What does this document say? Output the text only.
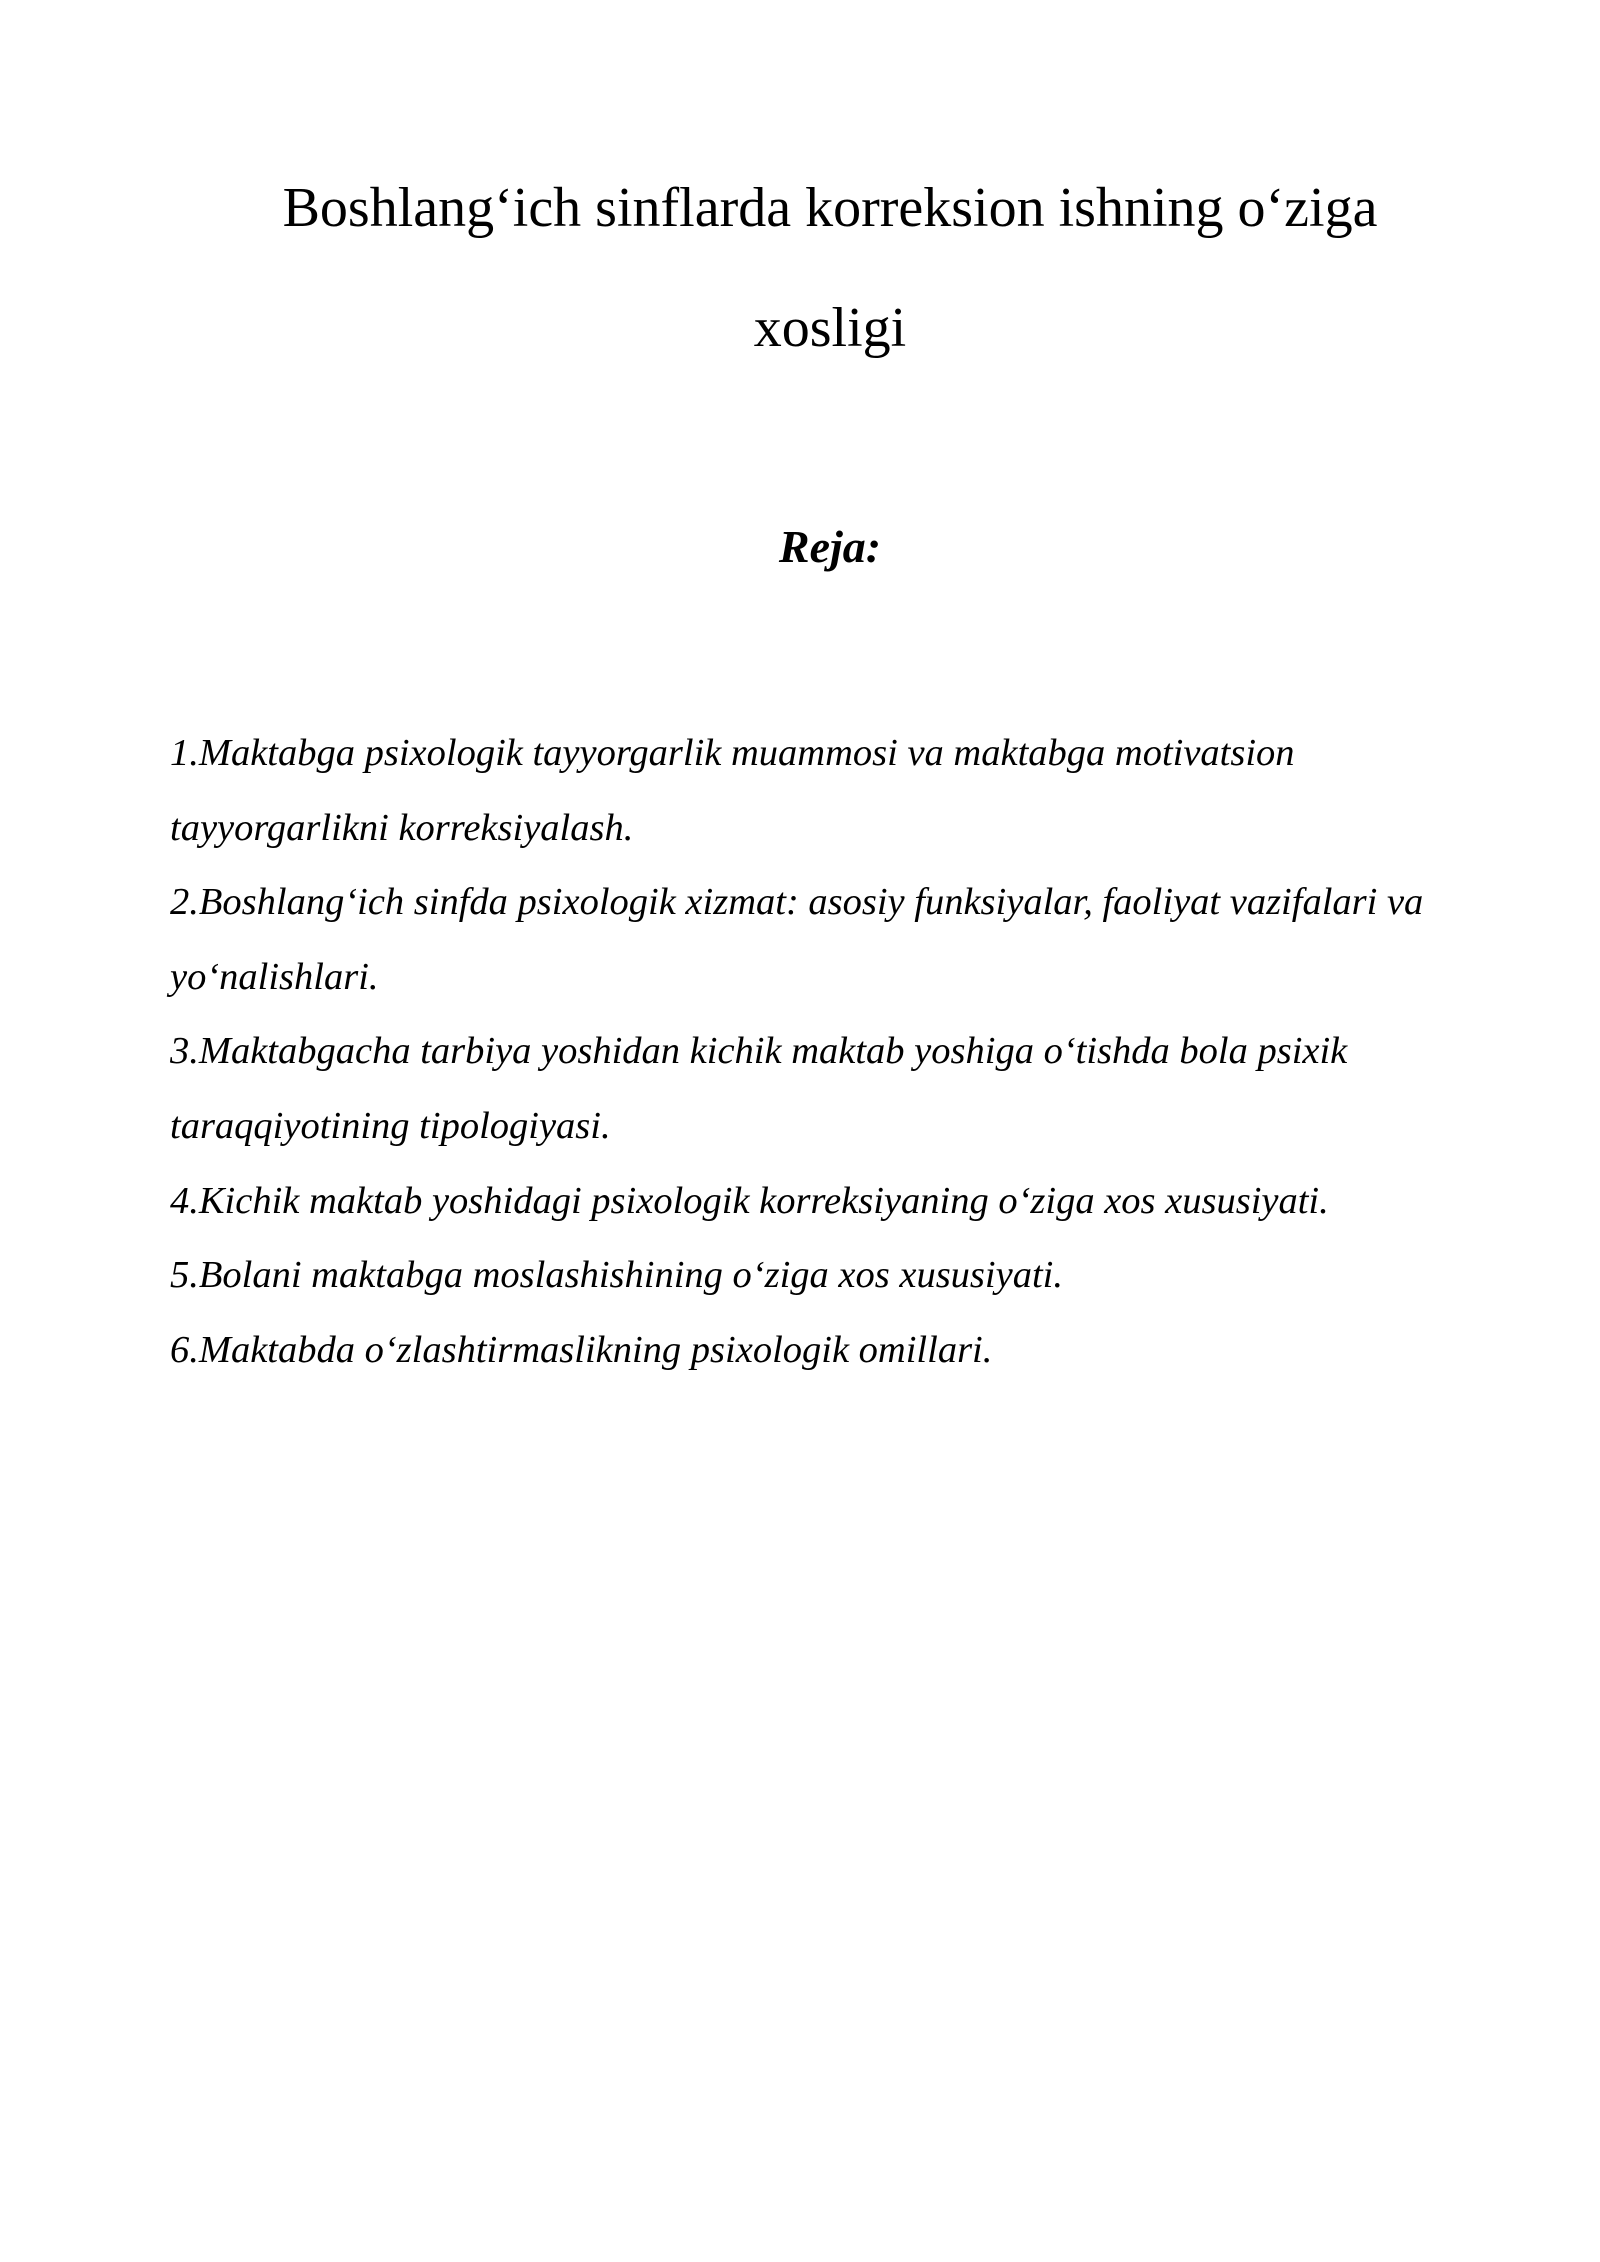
Boshlang‘ich sinflarda korreksion ishning o‘ziga
xosligi
Reja:
1.Maktabga psixologik tayyorgarlik muammosi va maktabga motivatsion tayyorgarlikni korreksiyalash.
2.Boshlang‘ich sinfda psixologik xizmat: asosiy funksiyalar, faoliyat vazifalari va yo‘nalishlari.
3.Maktabgacha tarbiya yoshidan kichik maktab yoshiga o‘tishda bola psixik taraqqiyotining tipologiyasi.
4.Kichik maktab yoshidagi psixologik korreksiyaning o‘ziga xos xususiyati.
5.Bolani maktabga moslashishining o‘ziga xos xususiyati.
6.Maktabda o‘zlashtirmaslikning psixologik omillari.
